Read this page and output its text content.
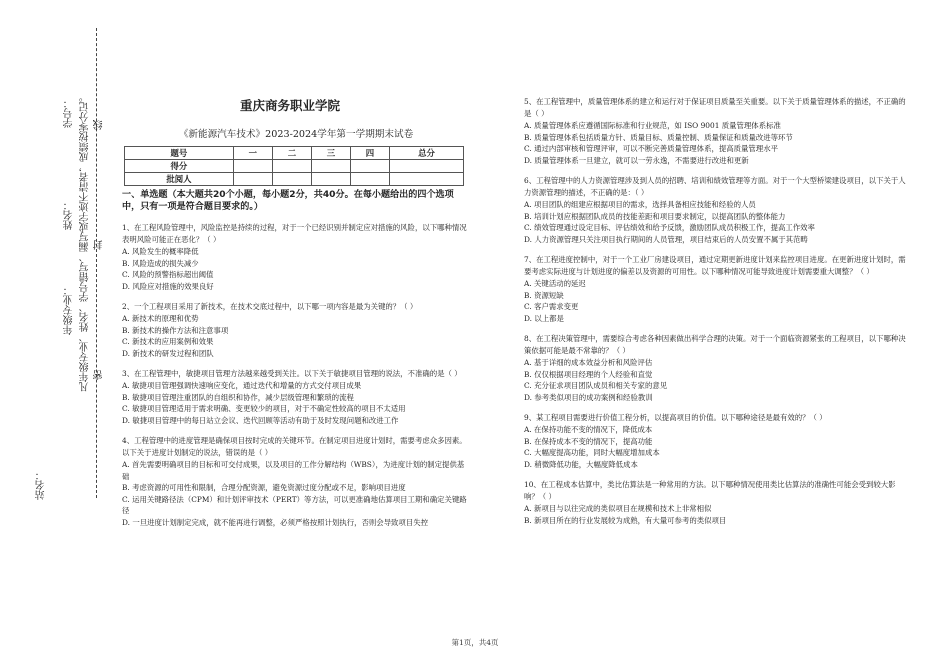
学号：
姓名：
年级专业：
站名：
凡年级专业、姓名、学号错写、漏写或字迹不清者，成绩按零分记。 线
封
密
重庆商务职业学院
《新能源汽车技术》2023-2024学年第一学期期末试卷
题号	一	二	三	四	总分
得分					
批阅人					
一、单选题（本大题共20个小题，每小题2分，共40分。在每小题给出的四个选项中，只有一项是符合题目要求的。）
1、在工程风险管理中，风险监控是持续的过程，对于一个已经识别并制定应对措施的风险，以下哪种情况表明风险可能正在恶化？（ ）
A. 风险发生的概率降低
B. 风险造成的损失减少
C. 风险的预警指标超出阈值
D. 风险应对措施的效果良好
2、一个工程项目采用了新技术，在技术交底过程中，以下哪一项内容是最为关键的？（ ）
A. 新技术的原理和优势
B. 新技术的操作方法和注意事项
C. 新技术的应用案例和效果
D. 新技术的研发过程和团队
3、在工程管理中，敏捷项目管理方法越来越受到关注。以下关于敏捷项目管理的说法，不准确的是（ ）
A. 敏捷项目管理强调快速响应变化，通过迭代和增量的方式交付项目成果
B. 敏捷项目管理注重团队的自组织和协作，减少层级管理和繁琐的流程
C. 敏捷项目管理适用于需求明确、变更较少的项目，对于不确定性较高的项目不太适用
D. 敏捷项目管理中的每日站立会议、迭代回顾等活动有助于及时发现问题和改进工作
4、工程管理中的进度管理是确保项目按时完成的关键环节。在制定项目进度计划时，需要考虑众多因素。以下关于进度计划制定的说法，错误的是（ ）
A. 首先需要明确项目的目标和可交付成果，以及项目的工作分解结构（WBS），为进度计划的制定提供基础
B. 考虑资源的可用性和限制，合理分配资源，避免资源过度分配或不足，影响项目进度
C. 运用关键路径法（CPM）和计划评审技术（PERT）等方法，可以更准确地估算项目工期和确定关键路径
D. 一旦进度计划制定完成，就不能再进行调整，必须严格按照计划执行，否则会导致项目失控
5、在工程管理中，质量管理体系的建立和运行对于保证项目质量至关重要。以下关于质量管理体系的描述，不正确的是（ ）
A. 质量管理体系应遵循国际标准和行业规范，如 ISO 9001 质量管理体系标准
B. 质量管理体系包括质量方针、质量目标、质量控制、质量保证和质量改进等环节
C. 通过内部审核和管理评审，可以不断完善质量管理体系，提高质量管理水平
D. 质量管理体系一旦建立，就可以一劳永逸，不需要进行改进和更新
6、工程管理中的人力资源管理涉及到人员的招聘、培训和绩效管理等方面。对于一个大型桥梁建设项目，以下关于人力资源管理的描述，不正确的是：（ ）
A. 项目团队的组建应根据项目的需求，选择具备相应技能和经验的人员
B. 培训计划应根据团队成员的技能差距和项目要求制定，以提高团队的整体能力
C. 绩效管理通过设定目标、评估绩效和给予反馈，激励团队成员积极工作，提高工作效率
D. 人力资源管理只关注项目执行期间的人员管理，项目结束后的人员安置不属于其范畴
7、在工程进度控制中，对于一个工业厂房建设项目，通过定期更新进度计划来监控项目进度。在更新进度计划时，需要考虑实际进度与计划进度的偏差以及资源的可用性。以下哪种情况可能导致进度计划需要重大调整？（ ）
A. 关键活动的延迟
B. 资源短缺
C. 客户需求变更
D. 以上都是
8、在工程决策管理中，需要综合考虑各种因素做出科学合理的决策。对于一个面临资源紧张的工程项目，以下哪种决策依据可能是最不常靠的？（ ）
A. 基于详细的成本效益分析和风险评估
B. 仅仅根据项目经理的个人经验和直觉
C. 充分征求项目团队成员和相关专家的意见
D. 参考类似项目的成功案例和经验教训
9、某工程项目需要进行价值工程分析，以提高项目的价值。以下哪种途径是最有效的？（ ）
A. 在保持功能不变的情况下，降低成本
B. 在保持成本不变的情况下，提高功能
C. 大幅度提高功能，同时大幅度增加成本
D. 稍微降低功能，大幅度降低成本
10、在工程成本估算中，类比估算法是一种常用的方法。以下哪种情况使用类比估算法的准确性可能会受到较大影响？（ ）
A. 新项目与以往完成的类似项目在规模和技术上非常相似
B. 新项目所在的行业发展较为成熟，有大量可参考的类似项目
第1页，共4页
